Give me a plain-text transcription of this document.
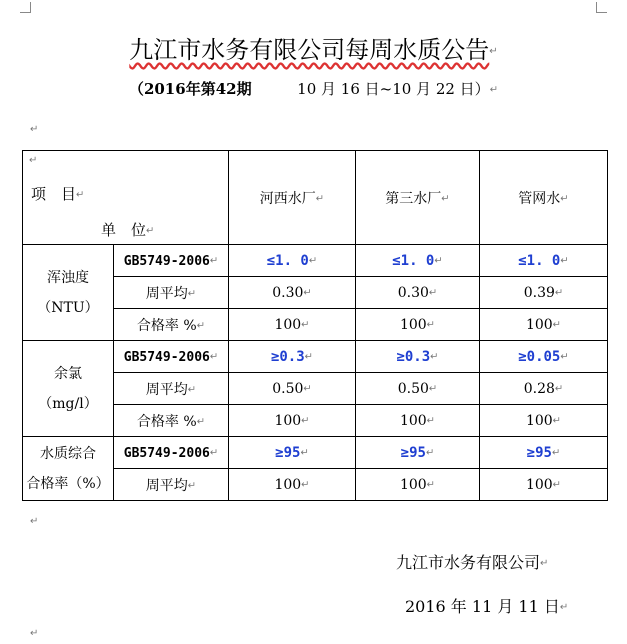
九江市水务有限公司每周水质公告↵
（2016年第42期	10 月 16 日~10 月 22 日）↵
↵
↵
项　目↵
单　位↵		河西水厂↵	第三水厂↵	管网水↵

浑浊度
（NTU）	GB5749-2006↵	≤1. 0↵	≤1. 0↵	≤1. 0↵
	周平均↵	0.30↵	0.30↵	0.39↵
	合格率 %↵	100↵	100↵	100↵

余氯
（mg/l）	GB5749-2006↵	≥0.3↵	≥0.3↵	≥0.05↵
	周平均↵	0.50↵	0.50↵	0.28↵
	合格率 %↵	100↵	100↵	100↵

水质综合
合格率（%）	GB5749-2006↵	≥95↵	≥95↵	≥95↵
	周平均↵	100↵	100↵	100↵
↵
九江市水务有限公司↵
2016 年 11 月 11 日↵
↵
